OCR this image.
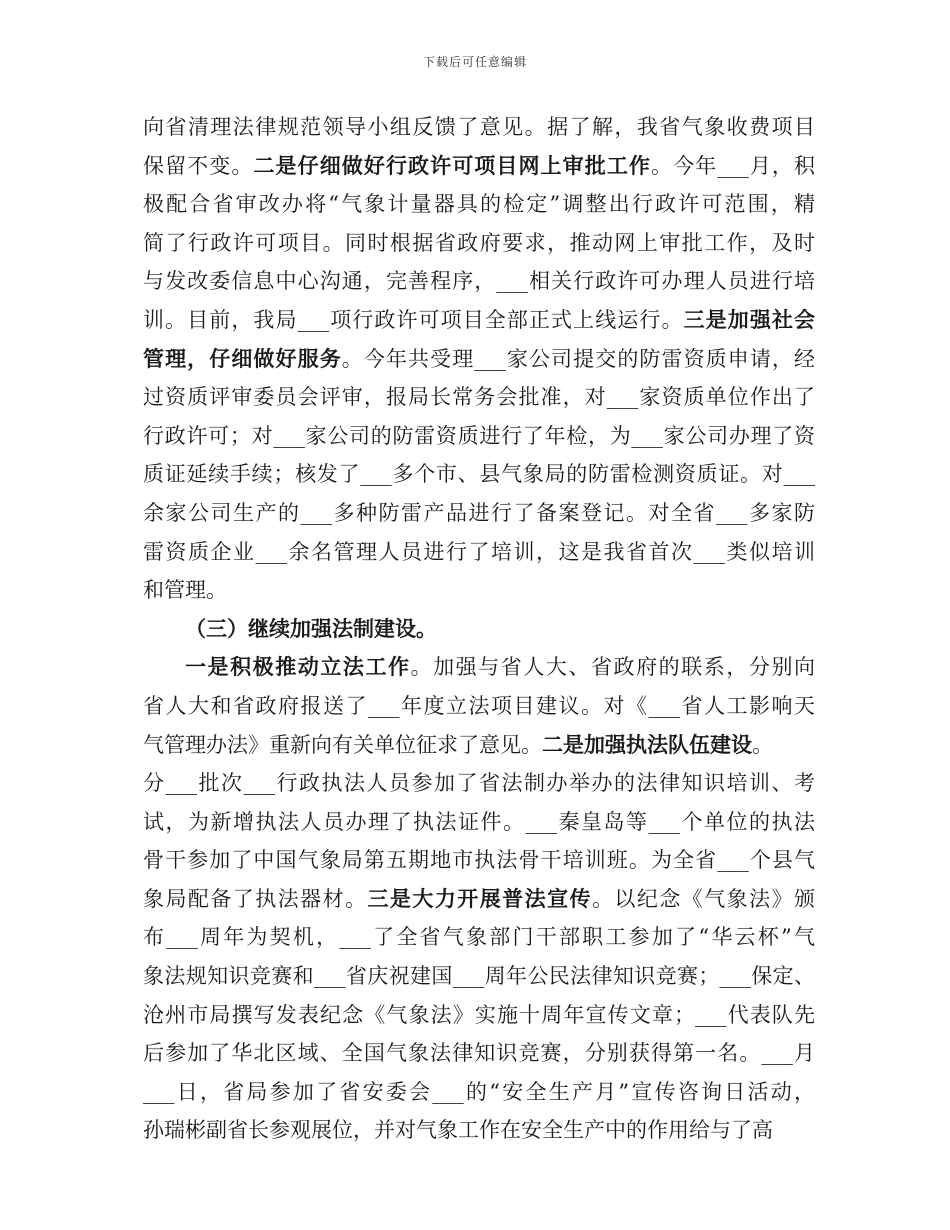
下载后可任意编辑
向省清理法律规范领导小组反馈了意见。据了解，我省气象收费项目
保留不变。二是仔细做好行政许可项目网上审批工作。今年___月，积
极配合省审改办将“气象计量器具的检定”调整出行政许可范围，精
简了行政许可项目。同时根据省政府要求，推动网上审批工作，及时
与发改委信息中心沟通，完善程序，___相关行政许可办理人员进行培
训。目前，我局___项行政许可项目全部正式上线运行。三是加强社会
管理，仔细做好服务。今年共受理___家公司提交的防雷资质申请，经
过资质评审委员会评审，报局长常务会批准，对___家资质单位作出了
行政许可；对___家公司的防雷资质进行了年检，为___家公司办理了资
质证延续手续；核发了___多个市、县气象局的防雷检测资质证。对___
余家公司生产的___多种防雷产品进行了备案登记。对全省___多家防
雷资质企业___余名管理人员进行了培训，这是我省首次___类似培训
和管理。
（三）继续加强法制建设。
一是积极推动立法工作。加强与省人大、省政府的联系，分别向
省人大和省政府报送了___年度立法项目建议。对《___省人工影响天
气管理办法》重新向有关单位征求了意见。二是加强执法队伍建设。
分___批次___行政执法人员参加了省法制办举办的法律知识培训、考
试，为新增执法人员办理了执法证件。___秦皇岛等___个单位的执法
骨干参加了中国气象局第五期地市执法骨干培训班。为全省___个县气
象局配备了执法器材。三是大力开展普法宣传。以纪念《气象法》颁
布___周年为契机，___了全省气象部门干部职工参加了“华云杯”气
象法规知识竞赛和___省庆祝建国___周年公民法律知识竞赛；___保定、
沧州市局撰写发表纪念《气象法》实施十周年宣传文章；___代表队先
后参加了华北区域、全国气象法律知识竞赛，分别获得第一名。___月
___日，省局参加了省安委会___的“安全生产月”宣传咨询日活动，
孙瑞彬副省长参观展位，并对气象工作在安全生产中的作用给与了高
